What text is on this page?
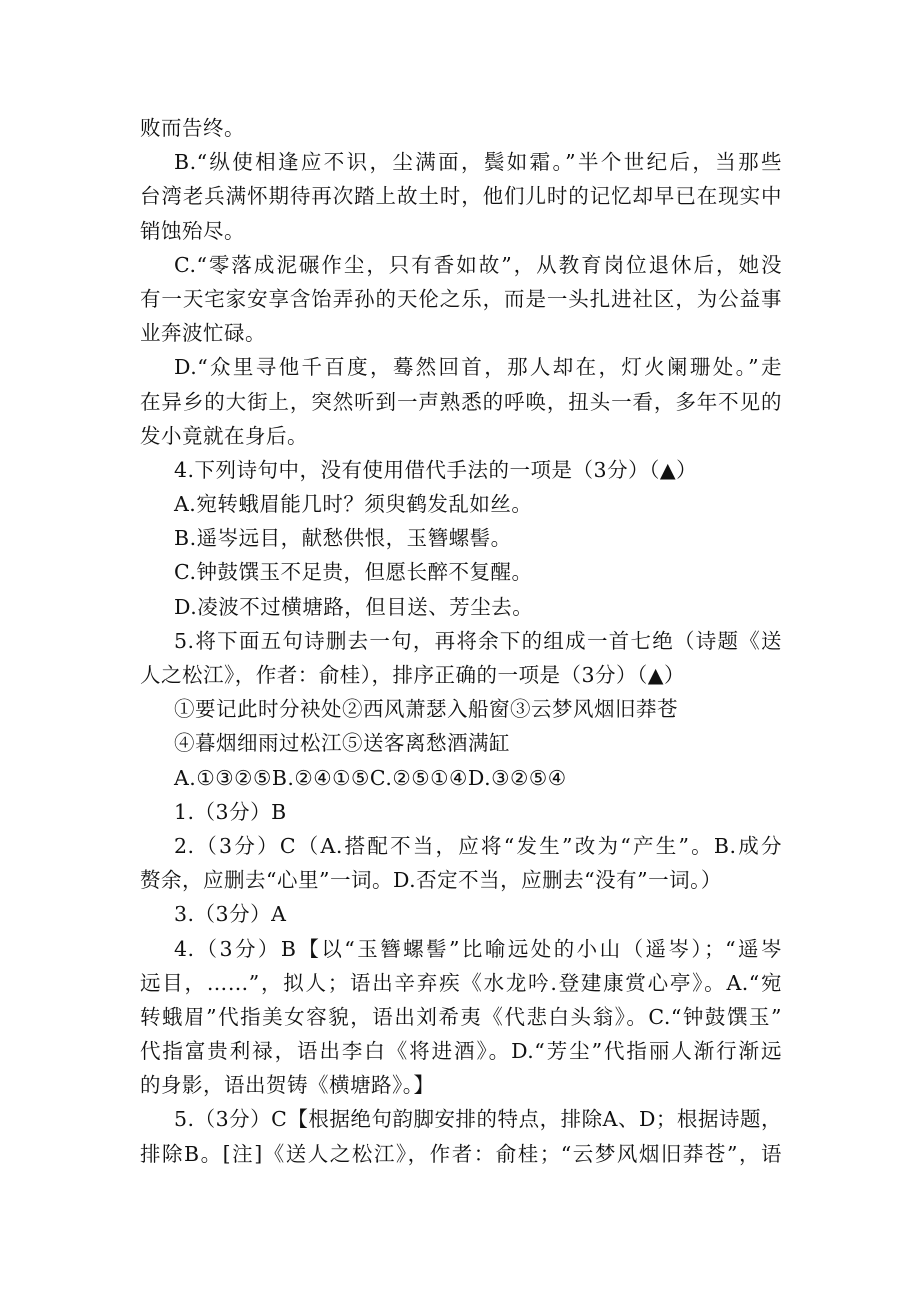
败而告终。
B.“纵使相逢应不识，尘满面，鬓如霜。”半个世纪后，当那些
台湾老兵满怀期待再次踏上故土时，他们儿时的记忆却早已在现实中
销蚀殆尽。
C.“零落成泥碾作尘，只有香如故”，从教育岗位退休后，她没
有一天宅家安享含饴弄孙的天伦之乐，而是一头扎进社区，为公益事
业奔波忙碌。
D.“众里寻他千百度，蓦然回首，那人却在，灯火阑珊处。”走
在异乡的大街上，突然听到一声熟悉的呼唤，扭头一看，多年不见的
发小竟就在身后。
4.下列诗句中，没有使用借代手法的一项是（3分）（▲）
A.宛转蛾眉能几时？须臾鹤发乱如丝。
B.遥岑远目，献愁供恨，玉簪螺髻。
C.钟鼓馔玉不足贵，但愿长醉不复醒。
D.凌波不过横塘路，但目送、芳尘去。
5.将下面五句诗删去一句，再将余下的组成一首七绝（诗题《送
人之松江》，作者：俞桂），排序正确的一项是（3分）（▲）
①要记此时分袂处②西风萧瑟入船窗③云梦风烟旧莽苍
④暮烟细雨过松江⑤送客离愁酒满缸
A.①③②⑤B.②④①⑤C.②⑤①④D.③②⑤④
1.（3分）B
2.（3分）C（A.搭配不当，应将“发生”改为“产生”。B.成分
赘余，应删去“心里”一词。D.否定不当，应删去“没有”一词。）
3.（3分）A
4.（3分）B【以“玉簪螺髻”比喻远处的小山（遥岑）；“遥岑
远目，……”，拟人；语出辛弃疾《水龙吟.登建康赏心亭》。A.“宛
转蛾眉”代指美女容貌，语出刘希夷《代悲白头翁》。C.“钟鼓馔玉”
代指富贵利禄，语出李白《将进酒》。D.“芳尘”代指丽人渐行渐远
的身影，语出贺铸《横塘路》。】
5.（3分）C【根据绝句韵脚安排的特点，排除A、D；根据诗题，
排除B。[注]《送人之松江》，作者：俞桂；“云梦风烟旧莽苍”，语
